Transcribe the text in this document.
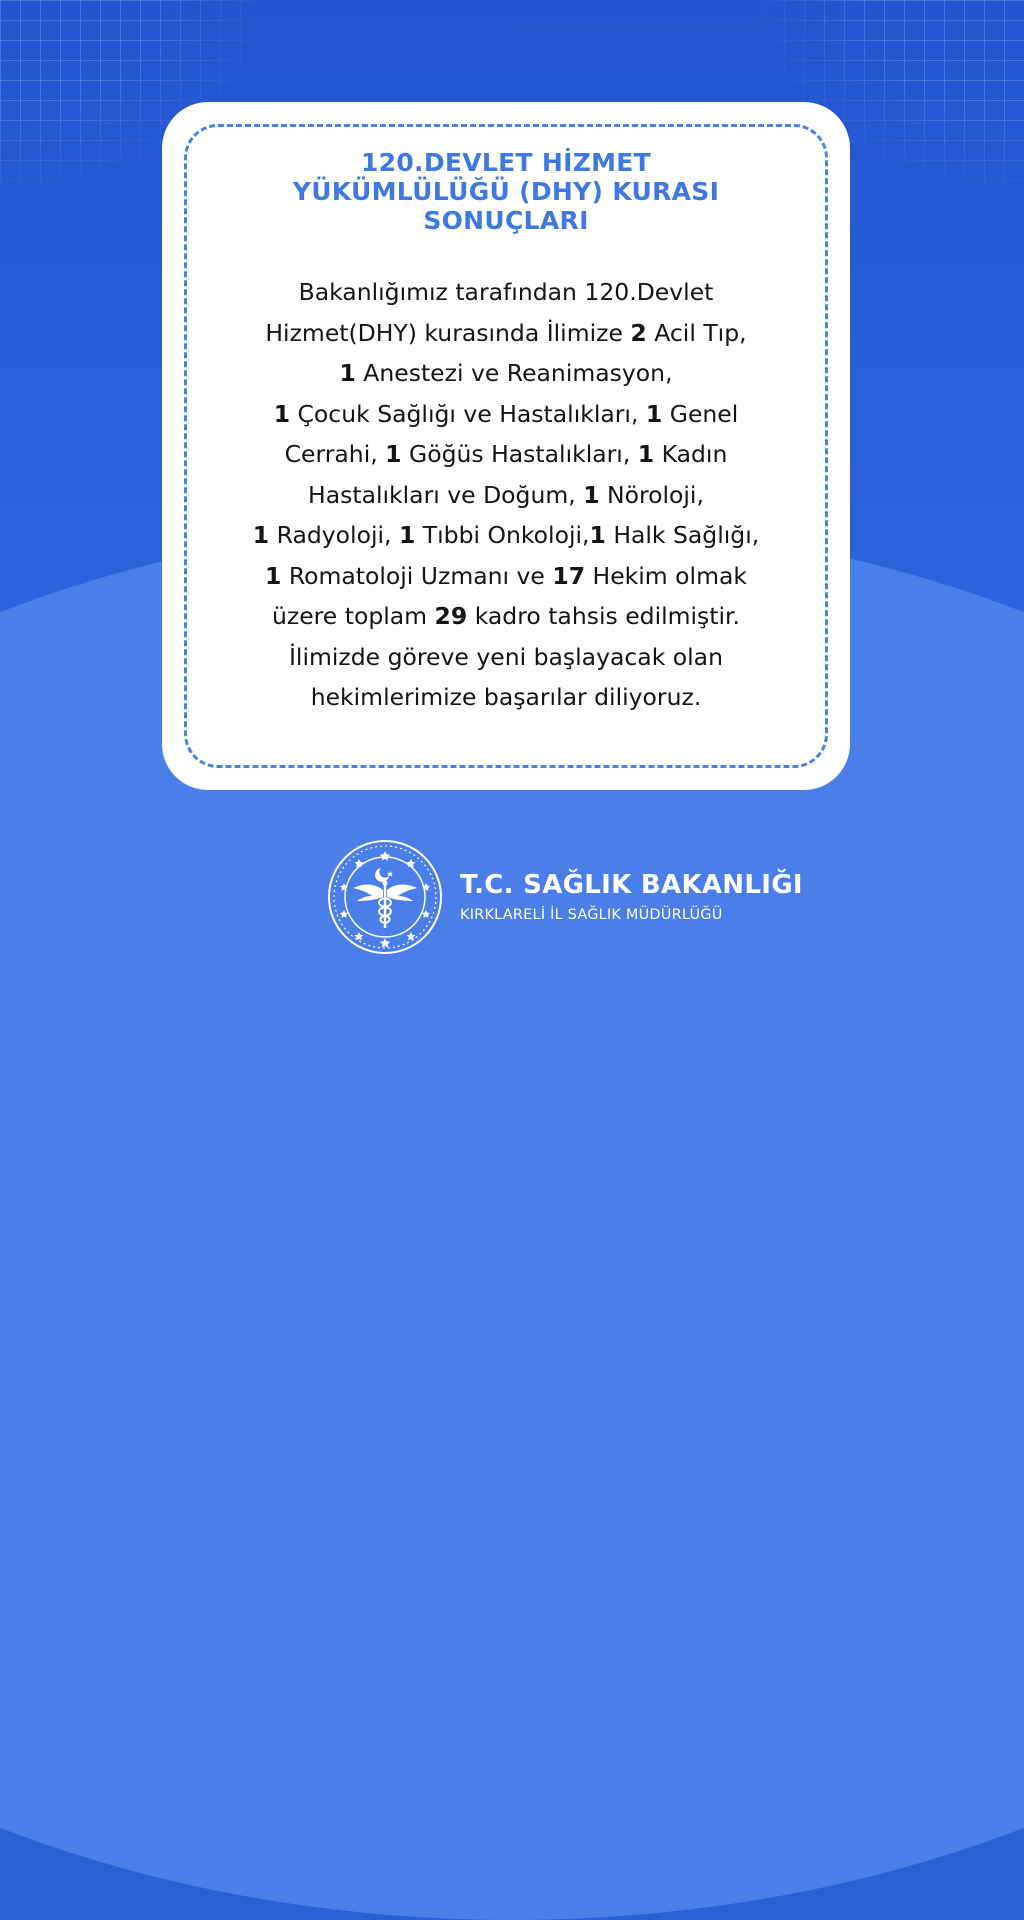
120.DEVLET HİZMET
YÜKÜMLÜLÜĞÜ (DHY) KURASI
SONUÇLARI
Bakanlığımız tarafından 120.Devlet
Hizmet(DHY) kurasında İlimize 2 Acil Tıp,
1 Anestezi ve Reanimasyon,
1 Çocuk Sağlığı ve Hastalıkları, 1 Genel
Cerrahi, 1 Göğüs Hastalıkları, 1 Kadın
Hastalıkları ve Doğum, 1 Nöroloji,
1 Radyoloji, 1 Tıbbi Onkoloji,1 Halk Sağlığı,
1 Romatoloji Uzmanı ve 17 Hekim olmak
üzere toplam 29 kadro tahsis edilmiştir.
İlimizde göreve yeni başlayacak olan
hekimlerimize başarılar diliyoruz.
T.C. SAĞLIK BAKANLIĞI
KIRKLARELİ İL SAĞLIK MÜDÜRLÜĞÜ
